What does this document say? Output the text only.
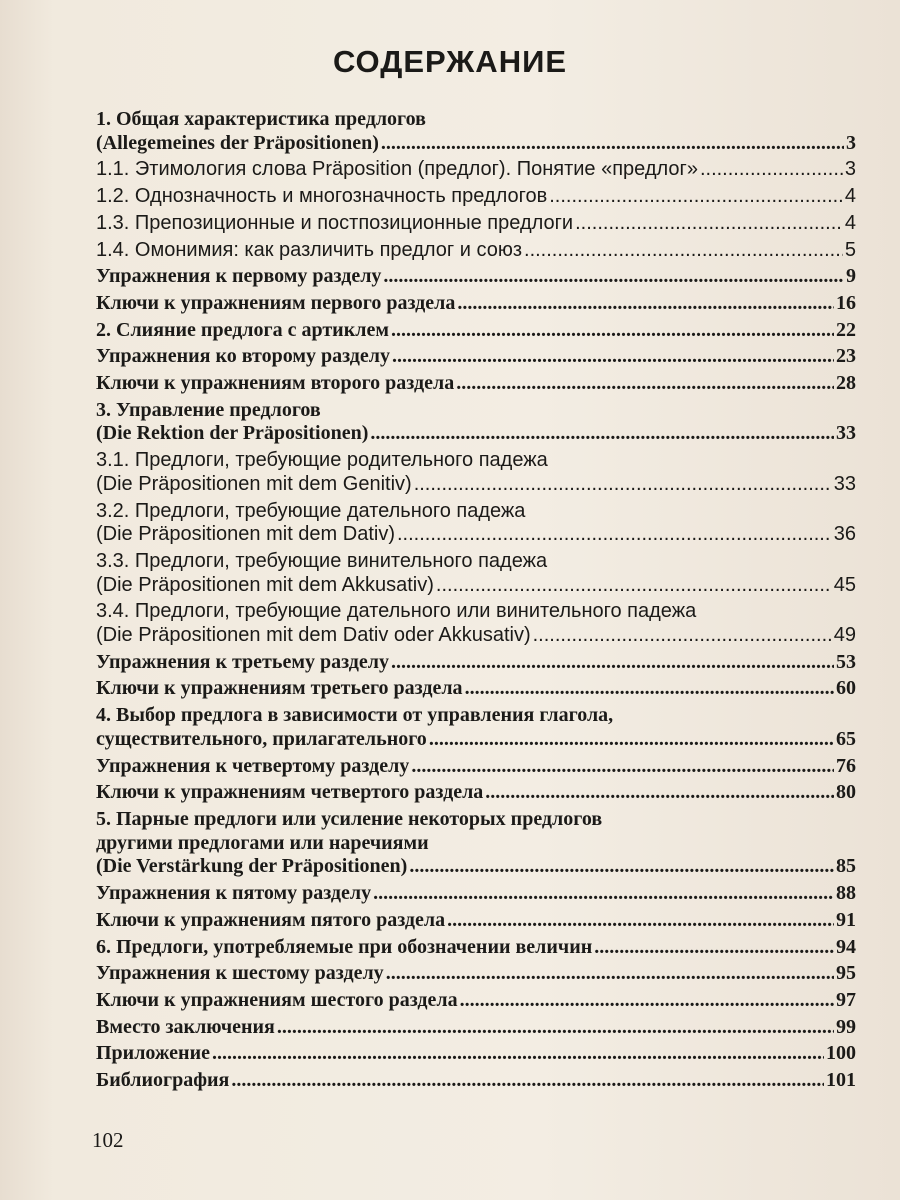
СОДЕРЖАНИЕ
1. Общая характеристика предлогов
(Allegemeines der Präpositionen) .....	3
1.1. Этимология слова Präposition (предлог). Понятие «предлог» .....	3
1.2. Однозначность и многозначность предлогов .....	4
1.3. Препозиционные и постпозиционные предлоги .....	4
1.4. Омонимия: как различить предлог и союз .....	5
Упражнения к первому разделу .....	9
Ключи к упражнениям первого раздела .....	16
2. Слияние предлога с артиклем .....	22
Упражнения ко второму разделу .....	23
Ключи к упражнениям второго раздела .....	28
3. Управление предлогов
(Die Rektion der Präpositionen) .....	33
3.1. Предлоги, требующие родительного падежа
(Die Präpositionen mit dem Genitiv) .....	33
3.2. Предлоги, требующие дательного падежа
(Die Präpositionen mit dem Dativ) .....	36
3.3. Предлоги, требующие винительного падежа
(Die Präpositionen mit dem Akkusativ) .....	45
3.4. Предлоги, требующие дательного или винительного падежа
(Die Präpositionen mit dem Dativ oder Akkusativ) .....	49
Упражнения к третьему разделу .....	53
Ключи к упражнениям третьего раздела .....	60
4. Выбор предлога в зависимости от управления глагола,
существительного, прилагательного .....	65
Упражнения к четвертому разделу .....	76
Ключи к упражнениям четвертого раздела .....	80
5. Парные предлоги или усиление некоторых предлогов
другими предлогами или наречиями
(Die Verstärkung der Präpositionen) .....	85
Упражнения к пятому разделу .....	88
Ключи к упражнениям пятого раздела .....	91
6. Предлоги, употребляемые при обозначении величин .....	94
Упражнения к шестому разделу .....	95
Ключи к упражнениям шестого раздела .....	97
Вместо заключения .....	99
Приложение .....	100
Библиография .....	101
102
